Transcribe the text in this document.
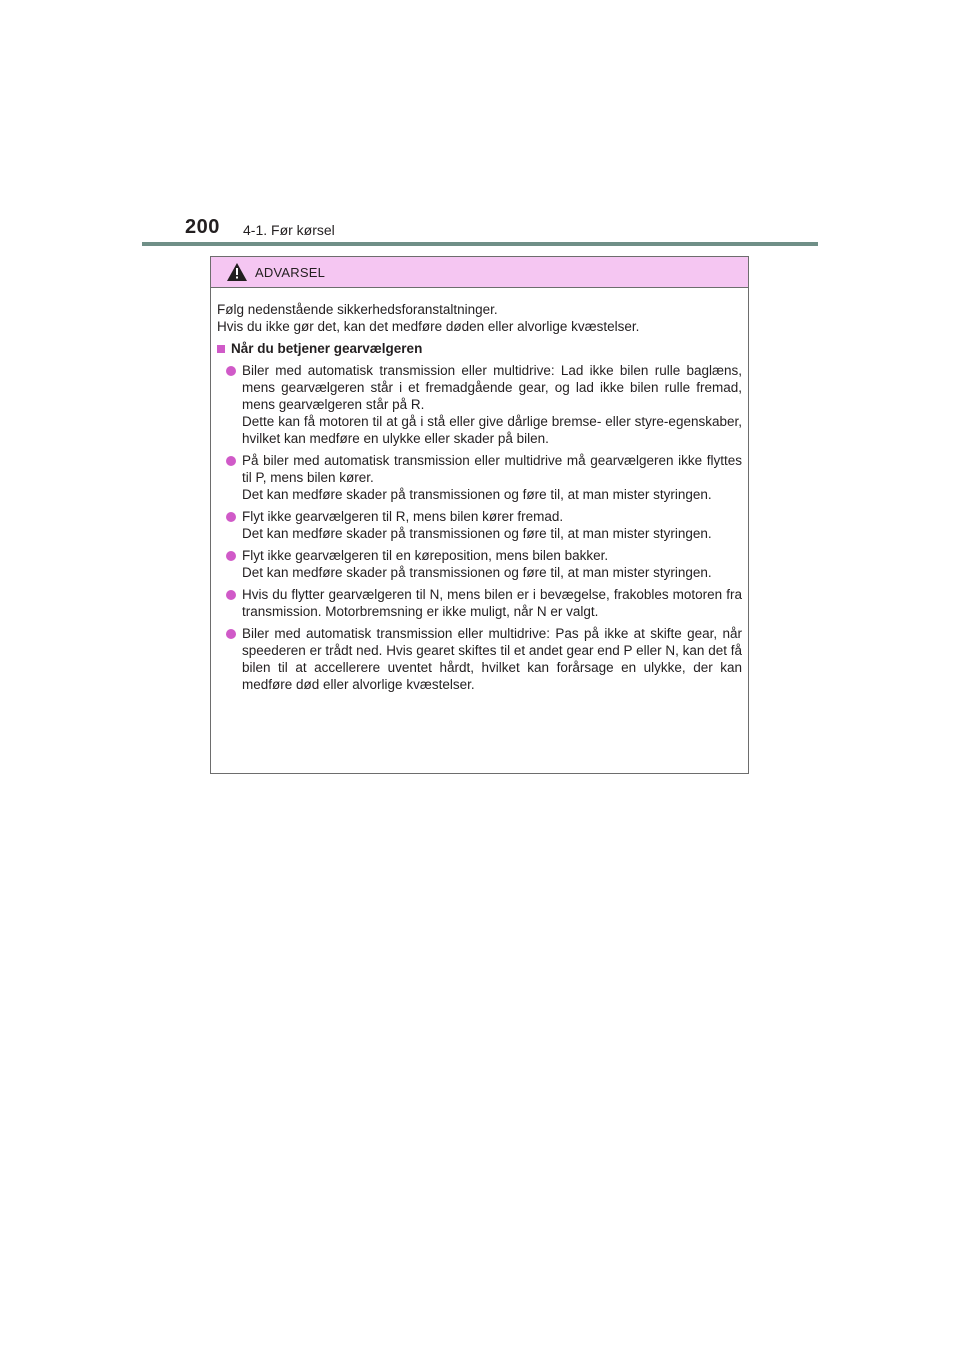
200 4-1. Før kørsel
ADVARSEL
Følg nedenstående sikkerhedsforanstaltninger.
Hvis du ikke gør det, kan det medføre døden eller alvorlige kvæstelser.
Når du betjener gearvælgeren

Biler med automatisk transmission eller multidrive: Lad ikke bilen rulle baglæns, mens gearvælgeren står i et fremadgående gear, og lad ikke bilen rulle fremad, mens gearvælgeren står på R.

Dette kan få motoren til at gå i stå eller give dårlige bremse- eller styre-egenskaber, hvilket kan medføre en ulykke eller skader på bilen.

På biler med automatisk transmission eller multidrive må gearvælgeren ikke flyttes til P, mens bilen kører.

Det kan medføre skader på transmissionen og føre til, at man mister styringen.

Flyt ikke gearvælgeren til R, mens bilen kører fremad.

Det kan medføre skader på transmissionen og føre til, at man mister styringen.

Flyt ikke gearvælgeren til en køreposition, mens bilen bakker.

Det kan medføre skader på transmissionen og føre til, at man mister styringen.

Hvis du flytter gearvælgeren til N, mens bilen er i bevægelse, frakobles motoren fra transmission. Motorbremsning er ikke muligt, når N er valgt.

Biler med automatisk transmission eller multidrive: Pas på ikke at skifte gear, når speederen er trådt ned. Hvis gearet skiftes til et andet gear end P eller N, kan det få bilen til at accellerere uventet hårdt, hvilket kan forårsage en ulykke, der kan medføre død eller alvorlige kvæstelser.
